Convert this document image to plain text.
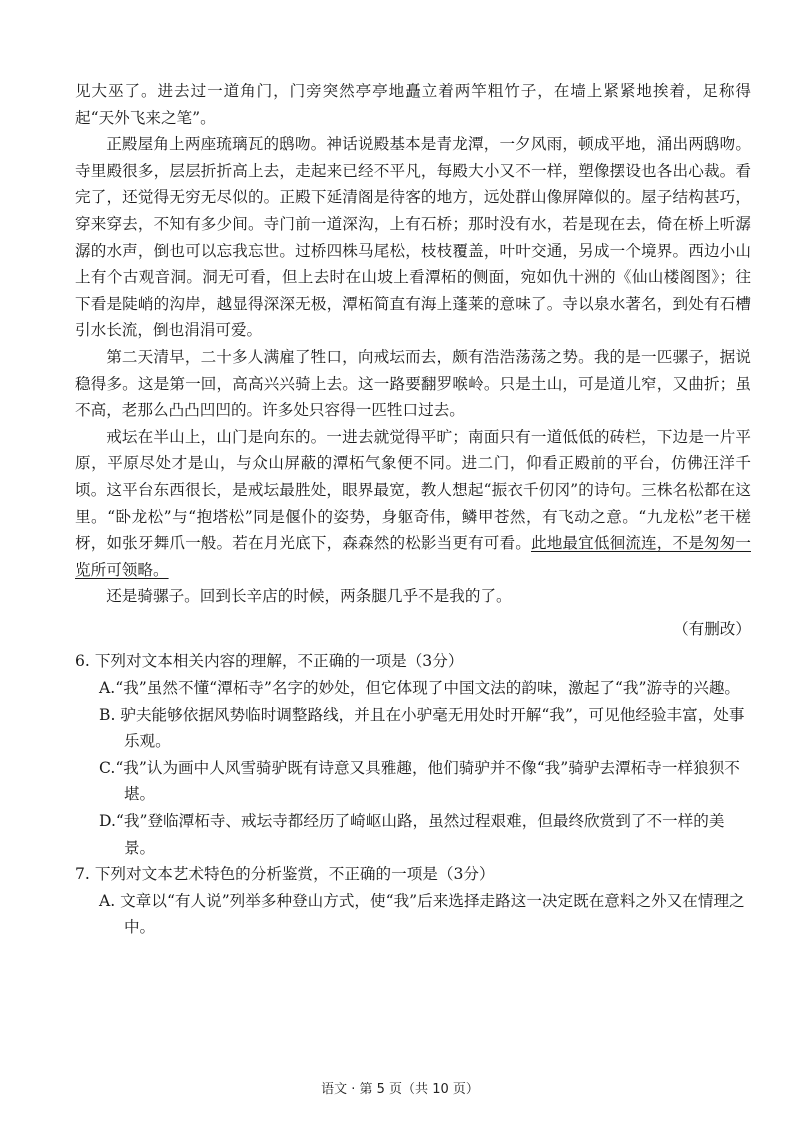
见大巫了。进去过一道角门，门旁突然亭亭地矗立着两竿粗竹子，在墙上紧紧地挨着，足称得起“天外飞来之笔”。

正殿屋角上两座琉璃瓦的鸱吻。神话说殿基本是青龙潭，一夕风雨，顿成平地，涌出两鸱吻。寺里殿很多，层层折折高上去，走起来已经不平凡，每殿大小又不一样，塑像摆设也各出心裁。看完了，还觉得无穷无尽似的。正殿下延清阁是待客的地方，远处群山像屏障似的。屋子结构甚巧，穿来穿去，不知有多少间。寺门前一道深沟，上有石桥；那时没有水，若是现在去，倚在桥上听潺潺的水声，倒也可以忘我忘世。过桥四株马尾松，枝枝覆盖，叶叶交通，另成一个境界。西边小山上有个古观音洞。洞无可看，但上去时在山坡上看潭柘的侧面，宛如仇十洲的《仙山楼阁图》；往下看是陡峭的沟岸，越显得深深无极，潭柘简直有海上蓬莱的意味了。寺以泉水著名，到处有石槽引水长流，倒也涓涓可爱。

第二天清早，二十多人满雇了牲口，向戒坛而去，颇有浩浩荡荡之势。我的是一匹骡子，据说稳得多。这是第一回，高高兴兴骑上去。这一路要翻罗喉岭。只是土山，可是道儿窄，又曲折；虽不高，老那么凸凸凹凹的。许多处只容得一匹牲口过去。

戒坛在半山上，山门是向东的。一进去就觉得平旷；南面只有一道低低的砖栏，下边是一片平原，平原尽处才是山，与众山屏蔽的潭柘气象便不同。进二门，仰看正殿前的平台，仿佛汪洋千顷。这平台东西很长，是戒坛最胜处，眼界最宽，教人想起“振衣千仞冈”的诗句。三株名松都在这里。“卧龙松”与“抱塔松”同是偃仆的姿势，身躯奇伟，鳞甲苍然，有飞动之意。“九龙松”老干槎枒，如张牙舞爪一般。若在月光底下，森森然的松影当更有可看。此地最宜低徊流连，不是匆匆一览所可领略。

还是骑骡子。回到长辛店的时候，两条腿几乎不是我的了。

（有删改）

6. 下列对文本相关内容的理解，不正确的一项是（3分）

A.“我”虽然不懂“潭柘寺”名字的妙处，但它体现了中国文法的韵味，激起了“我”游寺的兴趣。

B. 驴夫能够依据风势临时调整路线，并且在小驴毫无用处时开解“我”，可见他经验丰富，处事乐观。

C.“我”认为画中人风雪骑驴既有诗意又具雅趣，他们骑驴并不像“我”骑驴去潭柘寺一样狼狈不堪。

D.“我”登临潭柘寺、戒坛寺都经历了崎岖山路，虽然过程艰难，但最终欣赏到了不一样的美景。

7. 下列对文本艺术特色的分析鉴赏，不正确的一项是（3分）

A. 文章以“有人说”列举多种登山方式，使“我”后来选择走路这一决定既在意料之外又在情理之中。

语文 · 第 5 页（共 10 页）
